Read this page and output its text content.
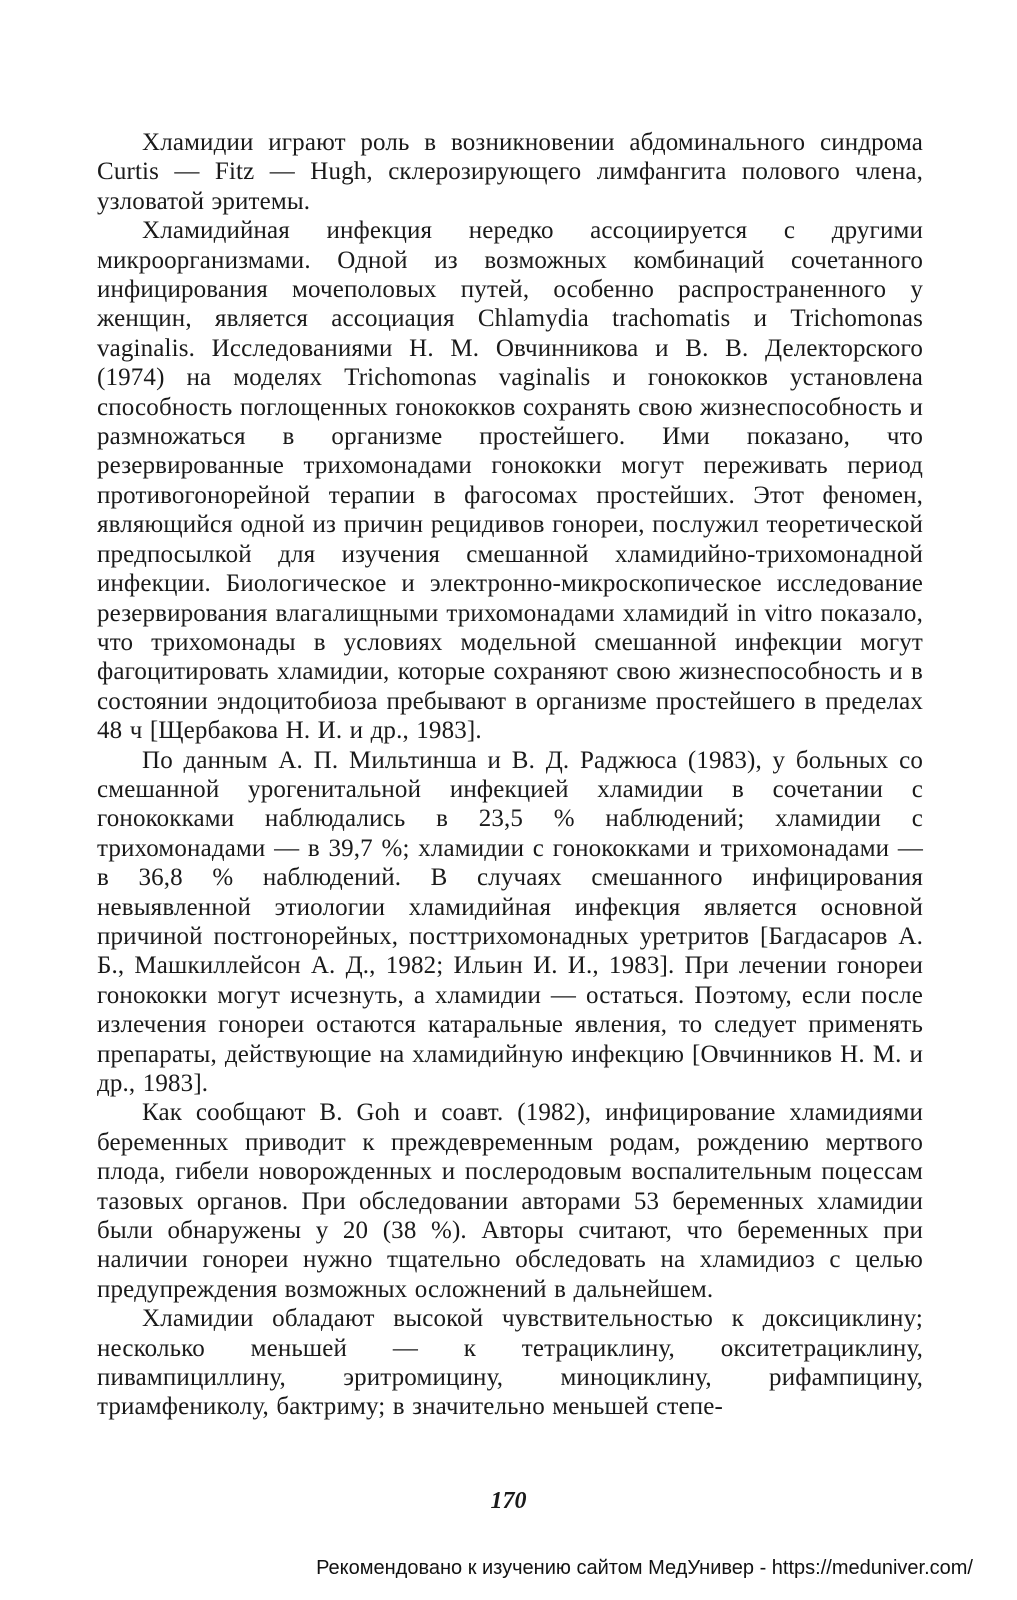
Хламидии играют роль в возникновении абдоминального синдрома Curtis — Fitz — Hugh, склерозирующего лимфангита полового члена, узловатой эритемы.

Хламидийная инфекция нередко ассоциируется с другими микроорганизмами. Одной из возможных комбинаций сочетанного инфицирования мочеполовых путей, особенно распространенного у женщин, является ассоциация Chlamydia trachomatis и Trichomonas vaginalis. Исследованиями Н. М. Овчинникова и В. В. Делекторского (1974) на моделях Trichomonas vaginalis и гонококков установлена способность поглощенных гонококков сохранять свою жизнеспособность и размножаться в организме простейшего. Ими показано, что резервированные трихомонадами гонококки могут переживать период противогонорейной терапии в фагосомах простейших. Этот феномен, являющийся одной из причин рецидивов гонореи, послужил теоретической предпосылкой для изучения смешанной хламидийно-трихомонадной инфекции. Биологическое и электронно-микроскопическое исследование резервирования влагалищными трихомонадами хламидий in vitro показало, что трихомонады в условиях модельной смешанной инфекции могут фагоцитировать хламидии, которые сохраняют свою жизнеспособность и в состоянии эндоцитобиоза пребывают в организме простейшего в пределах 48 ч [Щербакова Н. И. и др., 1983].

По данным А. П. Мильтинша и В. Д. Раджюса (1983), у больных со смешанной урогенитальной инфекцией хламидии в сочетании с гонококками наблюдались в 23,5 % наблюдений; хламидии с трихомонадами — в 39,7 %; хламидии с гонококками и трихомонадами — в 36,8 % наблюдений. В случаях смешанного инфицирования невыявленной этиологии хламидийная инфекция является основной причиной постгонорейных, посттрихомонадных уретритов [Багдасаров А. Б., Машкиллейсон А. Д., 1982; Ильин И. И., 1983]. При лечении гонореи гонококки могут исчезнуть, а хламидии — остаться. Поэтому, если после излечения гонореи остаются катаральные явления, то следует применять препараты, действующие на хламидийную инфекцию [Овчинников Н. М. и др., 1983].

Как сообщают B. Goh и соавт. (1982), инфицирование хламидиями беременных приводит к преждевременным родам, рождению мертвого плода, гибели новорожденных и послеродовым воспалительным поцессам тазовых органов. При обследовании авторами 53 беременных хламидии были обнаружены у 20 (38 %). Авторы считают, что беременных при наличии гонореи нужно тщательно обследовать на хламидиоз с целью предупреждения возможных осложнений в дальнейшем.

Хламидии обладают высокой чувствительностью к доксициклину; несколько меньшей — к тетрациклину, окситетрациклину, пивампициллину, эритромицину, миноциклину, рифампицину, триамфениколу, бактриму; в значительно меньшей степе-

170
Рекомендовано к изучению сайтом МедУнивер - https://meduniver.com/
